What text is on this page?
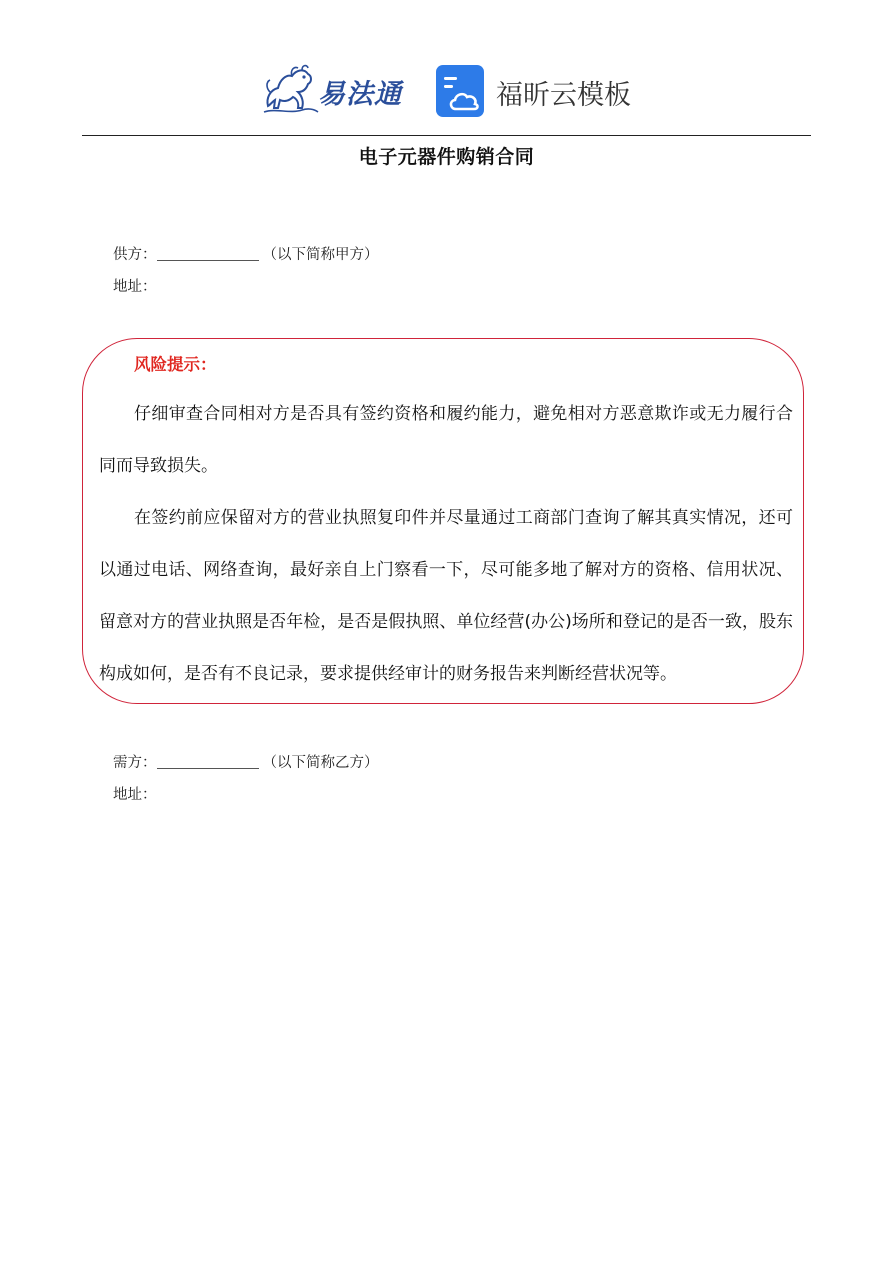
易法通	福昕云模板
电子元器件购销合同
供方：	（以下简称甲方）
地址：
风险提示：

仔细审查合同相对方是否具有签约资格和履约能力，避免相对方恶意欺诈或无力履行合同而导致损失。

在签约前应保留对方的营业执照复印件并尽量通过工商部门查询了解其真实情况，还可以通过电话、网络查询，最好亲自上门察看一下，尽可能多地了解对方的资格、信用状况、留意对方的营业执照是否年检，是否是假执照、单位经营(办公)场所和登记的是否一致，股东构成如何，是否有不良记录，要求提供经审计的财务报告来判断经营状况等。

需方：	（以下简称乙方）
地址：
